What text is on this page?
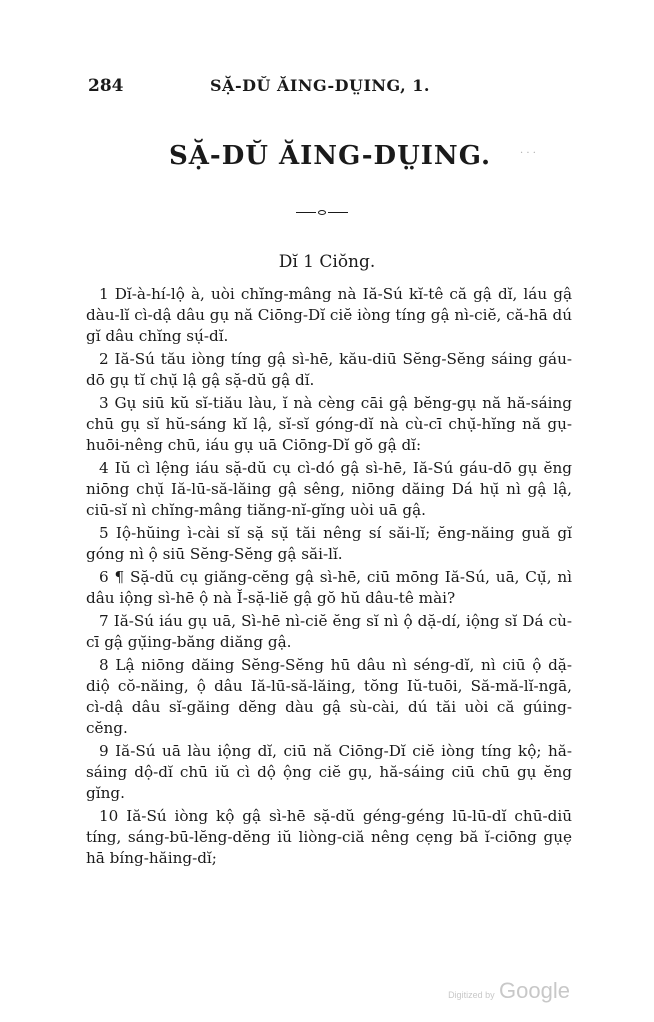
284	SẶ-DŬ ĂING-DṲING, 1.
· · ·
SẶ-DŬ ĂING-DṲING.
Dĭ 1 Ciŏng.

1 Dĭ-à-hí-lộ à, uòi chĭng-mâng nà Iă-Sú kĭ-tê că gậ dĭ, láu gậ dàu-lĭ cì-dậ dâu gụ nă Ciōng-Dĭ ciĕ iòng tíng gậ nì-ciĕ, că-hā dú gĭ dâu chĭng sụ́-dĭ.

2 Iă-Sú tău iòng tíng gậ sì-hē, kău-diū Sĕng-Sĕng sáing gáu-dō gụ tĭ chụ̆ lậ gậ sặ-dŭ gậ dĭ.

3 Gụ siū kŭ sĭ-tiău làu, ĭ nà cèng cāi gậ bĕng-gụ nă hă-sáing chū gụ sĭ hŭ-sáng kĭ lậ, sĭ-sĭ góng-dĭ nà cù-cī chụ̆-hĭng nă gụ-huōi-nêng chū, iáu gụ uā Ciōng-Dĭ gŏ gậ dĭ:

4 Iŭ cì lệng iáu sặ-dŭ cụ cì-dó gậ sì-hē, Iă-Sú gáu-dō gụ ĕng niōng chụ̆ Iă-lū-să-lăing gậ sêng, niōng dăing Dá hụ̆ nì gậ lậ, ciū-sĭ nì chĭng-mâng tiăng-nĭ-gĭng uòi uā gậ.

5 Iộ-hŭing ì-cài sĭ sặ sụ̆ tăi nêng sí săi-lĭ; ĕng-năing guă gĭ góng nì ộ siū Sĕng-Sĕng gậ săi-lĭ.

6 ¶ Sặ-dŭ cụ giăng-cĕng gậ sì-hē, ciū mōng Iă-Sú, uā, Cụ̆, nì dâu iộng sì-hē ộ nà Ĭ-sặ-liĕ gậ gŏ hŭ dâu-tê mài?

7 Iă-Sú iáu gụ uā, Sì-hē nì-ciĕ ĕng sĭ nì ộ dặ-dí, iộng sĭ Dá cù-cī gậ gụ̆ing-băng diăng gậ.

8 Lậ niōng dăing Sĕng-Sĕng hū dâu nì séng-dĭ, nì ciū ộ dặ-diộ cŏ-năing, ộ dâu Iă-lū-să-lăing, tŏng Iŭ-tuōi, Să-mă-lĭ-ngā, cì-dậ dâu sĭ-găing dĕng dàu gậ sù-cài, dú tăi uòi că gúing-cĕng.

9 Iă-Sú uā làu iộng dĭ, ciū nă Ciōng-Dĭ ciĕ iòng tíng kộ; hă-sáing dộ-dĭ chū iŭ cì dộ ộng ciĕ gụ, hă-sáing ciū chū gụ ĕng gĭng.

10 Iă-Sú iòng kộ gậ sì-hē sặ-dŭ géng-géng lū-lū-dĭ chū-diū tíng, sáng-bū-lĕng-dĕng iŭ liòng-ciă nêng cẹng bă ĭ-ciōng gụẹ hā bíng-hăing-dĭ;

Digitized by Google
